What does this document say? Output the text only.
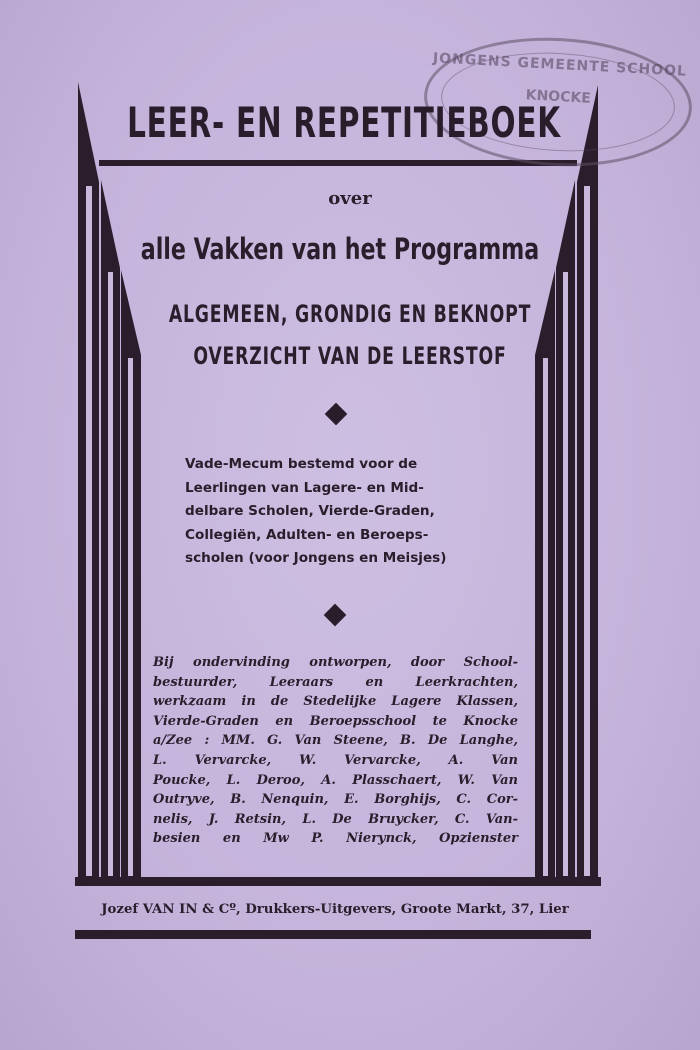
JONGENS GEMEENTE SCHOOL

KNOCKE

LEER- EN REPETITIEBOEK

over

alle Vakken van het Programma

ALGEMEEN, GRONDIG EN BEKNOPT

OVERZICHT VAN DE LEERSTOF

Vade-Mecum bestemd voor de
Leerlingen van Lagere- en Mid-
delbare Scholen, Vierde-Graden,
Collegiën, Adulten- en Beroeps-
scholen (voor Jongens en Meisjes)

Bij ondervinding ontworpen, door School-
bestuurder, Leeraars en Leerkrachten,
werkzaam in de Stedelijke Lagere Klassen,
Vierde-Graden en Beroepsschool te Knocke
a/Zee : MM. G. Van Steene, B. De Langhe,
L. Vervarcke, W. Vervarcke, A. Van
Poucke, L. Deroo, A. Plasschaert, W. Van
Outryve, B. Nenquin, E. Borghijs, C. Cor-
nelis, J. Retsin, L. De Bruycker, C. Van-
besien en Mw P. Nierynck, Opzienster

Jozef VAN IN & Cº, Drukkers-Uitgevers, Groote Markt, 37, Lier
